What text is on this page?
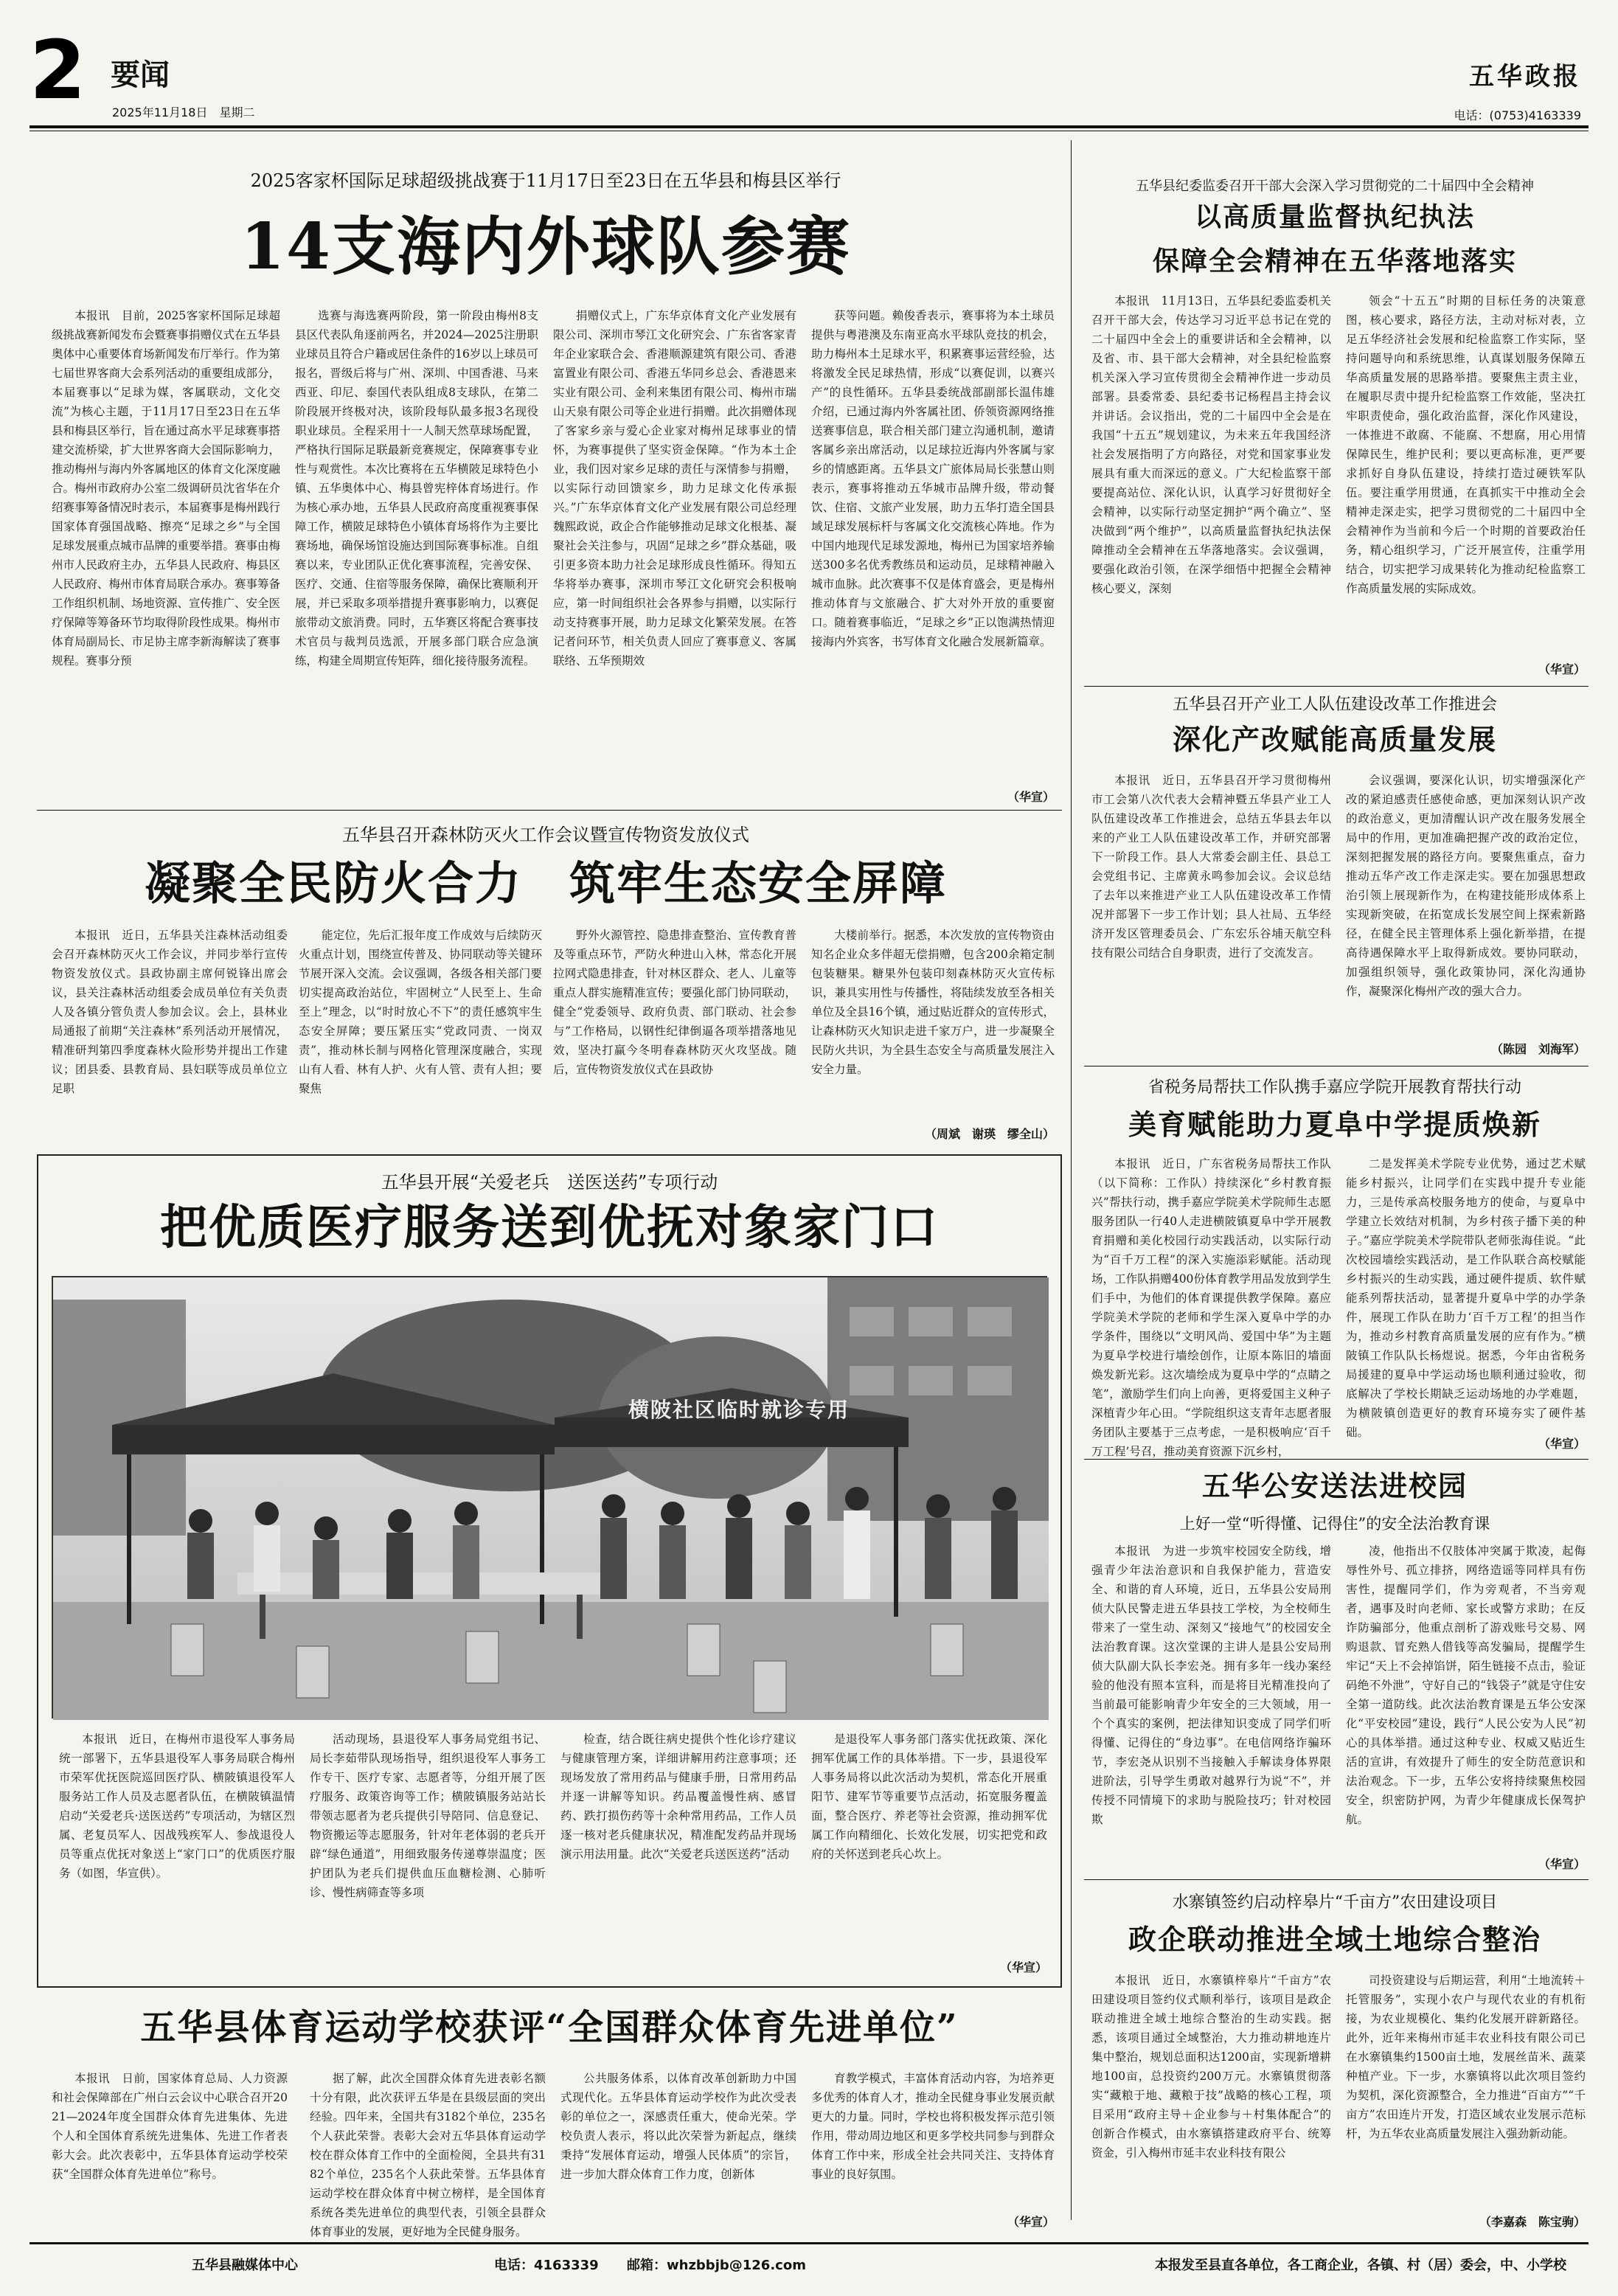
2 要闻
2025年11月18日　星期二
五华政报
电话：(0753)4163339
2025客家杯国际足球超级挑战赛于11月17日至23日在五华县和梅县区举行
14支海内外球队参赛

本报讯　目前，2025客家杯国际足球超级挑战赛新闻发布会暨赛事捐赠仪式在五华县奥体中心重要体育场新闻发布厅举行。作为第七届世界客商大会系列活动的重要组成部分，本届赛事以“足球为媒，客属联动，文化交流”为核心主题，于11月17日至23日在五华县和梅县区举行，旨在通过高水平足球赛事搭建交流桥梁，扩大世界客商大会国际影响力，推动梅州与海内外客属地区的体育文化深度融合。梅州市政府办公室二级调研员沈省华在介绍赛事筹备情况时表示，本届赛事是梅州践行国家体育强国战略、擦亮“足球之乡”与全国足球发展重点城市品牌的重要举措。赛事由梅州市人民政府主办，五华县人民政府、梅县区人民政府、梅州市体育局联合承办。赛事筹备工作组织机制、场地资源、宣传推广、安全医疗保障等筹备环节均取得阶段性成果。梅州市体育局副局长、市足协主席李新海解读了赛事规程。赛事分预

选赛与海选赛两阶段，第一阶段由梅州8支县区代表队角逐前两名，并2024—2025注册职业球员且符合户籍或居住条件的16岁以上球员可报名，晋级后将与广州、深圳、中国香港、马来西亚、印尼、泰国代表队组成8支球队，在第二阶段展开终极对决，该阶段每队最多报3名现役职业球员。全程采用十一人制天然草球场配置，严格执行国际足联最新竞赛规定，保障赛事专业性与观赏性。本次比赛将在五华横陂足球特色小镇、五华奥体中心、梅县曾宪梓体育场进行。作为核心承办地，五华县人民政府高度重视赛事保障工作，横陂足球特色小镇体育场将作为主要比赛场地，确保场馆设施达到国际赛事标准。自组赛以来，专业团队正优化赛事流程，完善安保、医疗、交通、住宿等服务保障，确保比赛顺利开展，并已采取多项举措提升赛事影响力，以赛促旅带动文旅消费。同时，五华赛区将配合赛事技术官员与裁判员选派，开展多部门联合应急演练，构建全周期宣传矩阵，细化接待服务流程。

捐赠仪式上，广东华京体育文化产业发展有限公司、深圳市琴江文化研究会、广东省客家青年企业家联合会、香港顺源建筑有限公司、香港富置业有限公司、香港五华同乡总会、香港恩来实业有限公司、金利来集团有限公司、梅州市瑞山天泉有限公司等企业进行捐赠。此次捐赠体现了客家乡亲与爱心企业家对梅州足球事业的情怀，为赛事提供了坚实资金保障。“作为本土企业，我们因对家乡足球的责任与深情参与捐赠，以实际行动回馈家乡，助力足球文化传承振兴。”广东华京体育文化产业发展有限公司总经理魏熙政说，政企合作能够推动足球文化根基、凝聚社会关注参与，巩固“足球之乡”群众基础，吸引更多资本助力社会足球形成良性循环。得知五华将举办赛事，深圳市琴江文化研究会积极响应，第一时间组织社会各界参与捐赠，以实际行动支持赛事开展，助力足球文化繁荣发展。在答记者问环节，相关负责人回应了赛事意义、客属联络、五华预期效

获等问题。赖俊香表示，赛事将为本土球员提供与粤港澳及东南亚高水平球队竞技的机会，助力梅州本土足球水平，积累赛事运营经验，达将激发全民足球热情，形成“以赛促训，以赛兴产”的良性循环。五华县委统战部副部长温伟雄介绍，已通过海内外客属社团、侨领资源网络推送赛事信息，联合相关部门建立沟通机制，邀请客属乡亲出席活动，以足球拉近海内外客属与家乡的情感距离。五华县文广旅体局局长张慧山则表示，赛事将推动五华城市品牌升级，带动餐饮、住宿、文旅产业发展，助力五华打造全国县域足球发展标杆与客属文化交流核心阵地。作为中国内地现代足球发源地，梅州已为国家培养输送300多名优秀教练员和运动员，足球精神融入城市血脉。此次赛事不仅是体育盛会，更是梅州推动体育与文旅融合、扩大对外开放的重要窗口。随着赛事临近，“足球之乡”正以饱满热情迎接海内外宾客，书写体育文化融合发展新篇章。

（华宣）
五华县召开森林防灭火工作会议暨宣传物资发放仪式
凝聚全民防火合力　筑牢生态安全屏障

本报讯　近日，五华县关注森林活动组委会召开森林防灭火工作会议，并同步举行宣传物资发放仪式。县政协副主席何锐锋出席会议，县关注森林活动组委会成员单位有关负责人及各镇分管负责人参加会议。会上，县林业局通报了前期“关注森林”系列活动开展情况，精准研判第四季度森林火险形势并提出工作建议；团县委、县教育局、县妇联等成员单位立足职

能定位，先后汇报年度工作成效与后续防灭火重点计划，围绕宣传普及、协同联动等关键环节展开深入交流。会议强调，各级各相关部门要切实提高政治站位，牢固树立“人民至上、生命至上”理念，以“时时放心不下”的责任感筑牢生态安全屏障；要压紧压实“党政同责、一岗双责”，推动林长制与网格化管理深度融合，实现山有人看、林有人护、火有人管、责有人担；要聚焦

野外火源管控、隐患排查整治、宣传教育普及等重点环节，严防火种进山入林，常态化开展拉网式隐患排查，针对林区群众、老人、儿童等重点人群实施精准宣传；要强化部门协同联动，健全“党委领导、政府负责、部门联动、社会参与”工作格局，以钢性纪律倒逼各项举措落地见效，坚决打赢今冬明春森林防灭火攻坚战。随后，宣传物资发放仪式在县政协

大楼前举行。据悉，本次发放的宣传物资由知名企业众多伴超无偿捐赠，包含200余箱定制包装糖果。糖果外包装印刻森林防灭火宣传标识，兼具实用性与传播性，将陆续发放至各相关单位及全县16个镇，通过贴近群众的宣传形式，让森林防灭火知识走进千家万户，进一步凝聚全民防火共识，为全县生态安全与高质量发展注入安全力量。

（周斌　谢瑛　缪全山）
五华县开展“关爱老兵　送医送药”专项行动
把优质医疗服务送到优抚对象家门口
横陂社区临时就诊专用

本报讯　近日，在梅州市退役军人事务局统一部署下，五华县退役军人事务局联合梅州市荣军优抚医院巡回医疗队、横陂镇退役军人服务站工作人员及志愿者队伍，在横陂镇温情启动“关爱老兵·送医送药”专项活动，为辖区烈属、老复员军人、因战残疾军人、参战退役人员等重点优抚对象送上“家门口”的优质医疗服务（如图，华宣供）。

活动现场，县退役军人事务局党组书记、局长李茹带队现场指导，组织退役军人事务工作专干、医疗专家、志愿者等，分组开展了医疗服务、政策咨询等工作；横陂镇服务站站长带领志愿者为老兵提供引导陪同、信息登记、物资搬运等志愿服务，针对年老体弱的老兵开辟“绿色通道”，用细致服务传递尊崇温度；医护团队为老兵们提供血压血糖检测、心肺听诊、慢性病筛查等多项

检查，结合既往病史提供个性化诊疗建议与健康管理方案，详细讲解用药注意事项；还现场发放了常用药品与健康手册，日常用药品并逐一讲解等知识。药品覆盖慢性病、感冒药、跌打损伤药等十余种常用药品，工作人员逐一核对老兵健康状况，精准配发药品并现场演示用法用量。此次“关爱老兵送医送药”活动

是退役军人事务部门落实优抚政策、深化拥军优属工作的具体举措。下一步，县退役军人事务局将以此次活动为契机，常态化开展重阳节、建军节等重要节点活动，拓宽服务覆盖面，整合医疗、养老等社会资源，推动拥军优属工作向精细化、长效化发展，切实把党和政府的关怀送到老兵心坎上。

（华宣）
五华县体育运动学校获评“全国群众体育先进单位”

本报讯　日前，国家体育总局、人力资源和社会保障部在广州白云会议中心联合召开2021—2024年度全国群众体育先进集体、先进个人和全国体育系统先进集体、先进工作者表彰大会。此次表彰中，五华县体育运动学校荣获“全国群众体育先进单位”称号。

据了解，此次全国群众体育先进表彰名额十分有限，此次获评五华是在县级层面的突出经验。四年来，全国共有3182个单位，235名个人获此荣誉。表彰大会对五华县体育运动学校在群众体育工作中的全面检阅，全县共有3182个单位，235名个人获此荣誉。五华县体育运动学校在群众体育中树立榜样，是全国体育系统各类先进单位的典型代表，引领全县群众体育事业的发展，更好地为全民健身服务。

公共服务体系，以体育改革创新助力中国式现代化。五华县体育运动学校作为此次受表彰的单位之一，深感责任重大，使命光荣。学校负责人表示，将以此次荣誉为新起点，继续秉持“发展体育运动，增强人民体质”的宗旨，进一步加大群众体育工作力度，创新体

育教学模式，丰富体育活动内容，为培养更多优秀的体育人才，推动全民健身事业发展贡献更大的力量。同时，学校也将积极发挥示范引领作用，带动周边地区和更多学校共同参与到群众体育工作中来，形成全社会共同关注、支持体育事业的良好氛围。

（华宣）
五华县纪委监委召开干部大会深入学习贯彻党的二十届四中全会精神
以高质量监督执纪执法
保障全会精神在五华落地落实

本报讯　11月13日，五华县纪委监委机关召开干部大会，传达学习习近平总书记在党的二十届四中全会上的重要讲话和全会精神，以及省、市、县干部大会精神，对全县纪检监察机关深入学习宣传贯彻全会精神作进一步动员部署。县委常委、县纪委书记杨程昌主持会议并讲话。会议指出，党的二十届四中全会是在我国“十五五”规划建议，为未来五年我国经济社会发展指明了方向路径，对党和国家事业发展具有重大而深远的意义。广大纪检监察干部要提高站位、深化认识，认真学习好贯彻好全会精神，以实际行动坚定拥护“两个确立”、坚决做到“两个维护”，以高质量监督执纪执法保障推动全会精神在五华落地落实。会议强调，要强化政治引领，在深学细悟中把握全会精神核心要义，深刻

领会“十五五”时期的目标任务的决策意图，核心要求，路径方法，主动对标对表，立足五华经济社会发展和纪检监察工作实际，坚持问题导向和系统思维，认真谋划服务保障五华高质量发展的思路举措。要聚焦主责主业，在履职尽责中提升纪检监察工作效能，坚决扛牢职责使命，强化政治监督，深化作风建设，一体推进不敢腐、不能腐、不想腐，用心用情保障民生，维护民利；要以更高标准，更严要求抓好自身队伍建设，持续打造过硬铁军队伍。要注重学用贯通，在真抓实干中推动全会精神走深走实，把学习贯彻党的二十届四中全会精神作为当前和今后一个时期的首要政治任务，精心组织学习，广泛开展宣传，注重学用结合，切实把学习成果转化为推动纪检监察工作高质量发展的实际成效。

（华宣）
五华县召开产业工人队伍建设改革工作推进会
深化产改赋能高质量发展

本报讯　近日，五华县召开学习贯彻梅州市工会第八次代表大会精神暨五华县产业工人队伍建设改革工作推进会，总结五华县去年以来的产业工人队伍建设改革工作，并研究部署下一阶段工作。县人大常委会副主任、县总工会党组书记、主席黄永鸣参加会议。会议总结了去年以来推进产业工人队伍建设改革工作情况并部署下一步工作计划；县人社局、五华经济开发区管理委员会、广东宏乐谷埔天航空科技有限公司结合自身职责，进行了交流发言。

会议强调，要深化认识，切实增强深化产改的紧迫感责任感使命感，更加深刻认识产改的政治意义，更加清醒认识产改在服务发展全局中的作用，更加准确把握产改的政治定位，深刻把握发展的路径方向。要聚焦重点，奋力推动五华产改工作走深走实。要在加强思想政治引领上展现新作为，在构建技能形成体系上实现新突破，在拓宽成长发展空间上探索新路径，在健全民主管理体系上强化新举措，在提高待遇保障水平上取得新成效。要协同联动，加强组织领导，强化政策协同，深化沟通协作，凝聚深化梅州产改的强大合力。

（陈园　刘海军）
省税务局帮扶工作队携手嘉应学院开展教育帮扶行动
美育赋能助力夏阜中学提质焕新

本报讯　近日，广东省税务局帮扶工作队（以下简称：工作队）持续深化“乡村教育振兴”帮扶行动，携手嘉应学院美术学院师生志愿服务团队一行40人走进横陂镇夏阜中学开展教育捐赠和美化校园行动实践活动，以实际行动为“百千万工程”的深入实施添彩赋能。活动现场，工作队捐赠400份体育教学用品发放到学生们手中，为他们的体育课提供教学保障。嘉应学院美术学院的老师和学生深入夏阜中学的办学条件，围绕以“文明风尚、爱国中华”为主题为夏阜学校进行墙绘创作，让原本陈旧的墙面焕发新光彩。这次墙绘成为夏阜中学的“点睛之笔”，激励学生们向上向善，更将爱国主义种子深植青少年心田。“学院组织这支青年志愿者服务团队主要基于三点考虑，一是积极响应‘百千万工程’号召，推动美育资源下沉乡村，

二是发挥美术学院专业优势，通过艺术赋能乡村振兴，让同学们在实践中提升专业能力，三是传承高校服务地方的使命，与夏阜中学建立长效结对机制，为乡村孩子播下美的种子。”嘉应学院美术学院带队老师张海佳说。“此次校园墙绘实践活动，是工作队联合高校赋能乡村振兴的生动实践，通过硬件提质、软件赋能系列帮扶活动，显著提升夏阜中学的办学条件，展现工作队在助力‘百千万工程’的担当作为，推动乡村教育高质量发展的应有作为。”横陂镇工作队队长杨煜说。据悉，今年由省税务局援建的夏阜中学运动场也顺利通过验收，彻底解决了学校长期缺乏运动场地的办学难题，为横陂镇创造更好的教育环境夯实了硬件基础。

（华宣）
五华公安送法进校园
上好一堂“听得懂、记得住”的安全法治教育课

本报讯　为进一步筑牢校园安全防线，增强青少年法治意识和自我保护能力，营造安全、和谐的育人环境，近日，五华县公安局刑侦大队民警走进五华县技工学校，为全校师生带来了一堂生动、深刻又“接地气”的校园安全法治教育课。这次堂课的主讲人是县公安局刑侦大队副大队长李宏尧。拥有多年一线办案经验的他没有照本宣科，而是将目光精准投向了当前最可能影响青少年安全的三大领域，用一个个真实的案例，把法律知识变成了同学们听得懂、记得住的“身边事”。在电信网络诈骗环节，李宏尧从识别不当接触入手解读身体界限进阶法，引导学生勇敢对越界行为说“不”，并传授不同情境下的求助与脱险技巧；针对校园欺

凌，他指出不仅肢体冲突属于欺凌，起侮辱性外号、孤立排挤，网络造谣等同样具有伤害性，提醒同学们，作为旁观者，不当旁观者，遇事及时向老师、家长或警方求助；在反诈防骗部分，他重点剖析了游戏账号交易、网购退款、冒充熟人借钱等高发骗局，提醒学生牢记“天上不会掉馅饼，陌生链接不点击，验证码绝不外泄”，守好自己的“钱袋子”就是守住安全第一道防线。此次法治教育课是五华公安深化“平安校园”建设，践行“人民公安为人民”初心的具体举措。通过这种专业、权威又贴近生活的宣讲，有效提升了师生的安全防范意识和法治观念。下一步，五华公安将持续聚焦校园安全，织密防护网，为青少年健康成长保驾护航。

（华宣）
水寨镇签约启动梓皋片“千亩方”农田建设项目
政企联动推进全域土地综合整治

本报讯　近日，水寨镇梓皋片“千亩方”农田建设项目签约仪式顺利举行，该项目是政企联动推进全域土地综合整治的生动实践。据悉，该项目通过全域整治，大力推动耕地连片集中整治，规划总面积达1200亩，实现新增耕地100亩，总投资约200万元。水寨镇贯彻落实“藏粮于地、藏粮于技”战略的核心工程，项目采用“政府主导＋企业参与＋村集体配合”的创新合作模式，由水寨镇搭建政府平台、统筹资金，引入梅州市延丰农业科技有限公

司投资建设与后期运营，利用“土地流转＋托管服务”，实现小农户与现代农业的有机衔接，为农业规模化、集约化发展开辟新路径。此外，近年来梅州市延丰农业科技有限公司已在水寨镇集约1500亩土地，发展丝苗米、蔬菜种植产业。下一步，水寨镇将以此次项目签约为契机，深化资源整合，全力推进“百亩方”“千亩方”农田连片开发，打造区域农业发展示范标杆，为五华农业高质量发展注入强劲新动能。

（李嘉森　陈宝驹）
五华县融媒体中心	电话：4163339 邮箱：whzbbjb@126.com	本报发至县直各单位，各工商企业，各镇、村（居）委会，中、小学校
